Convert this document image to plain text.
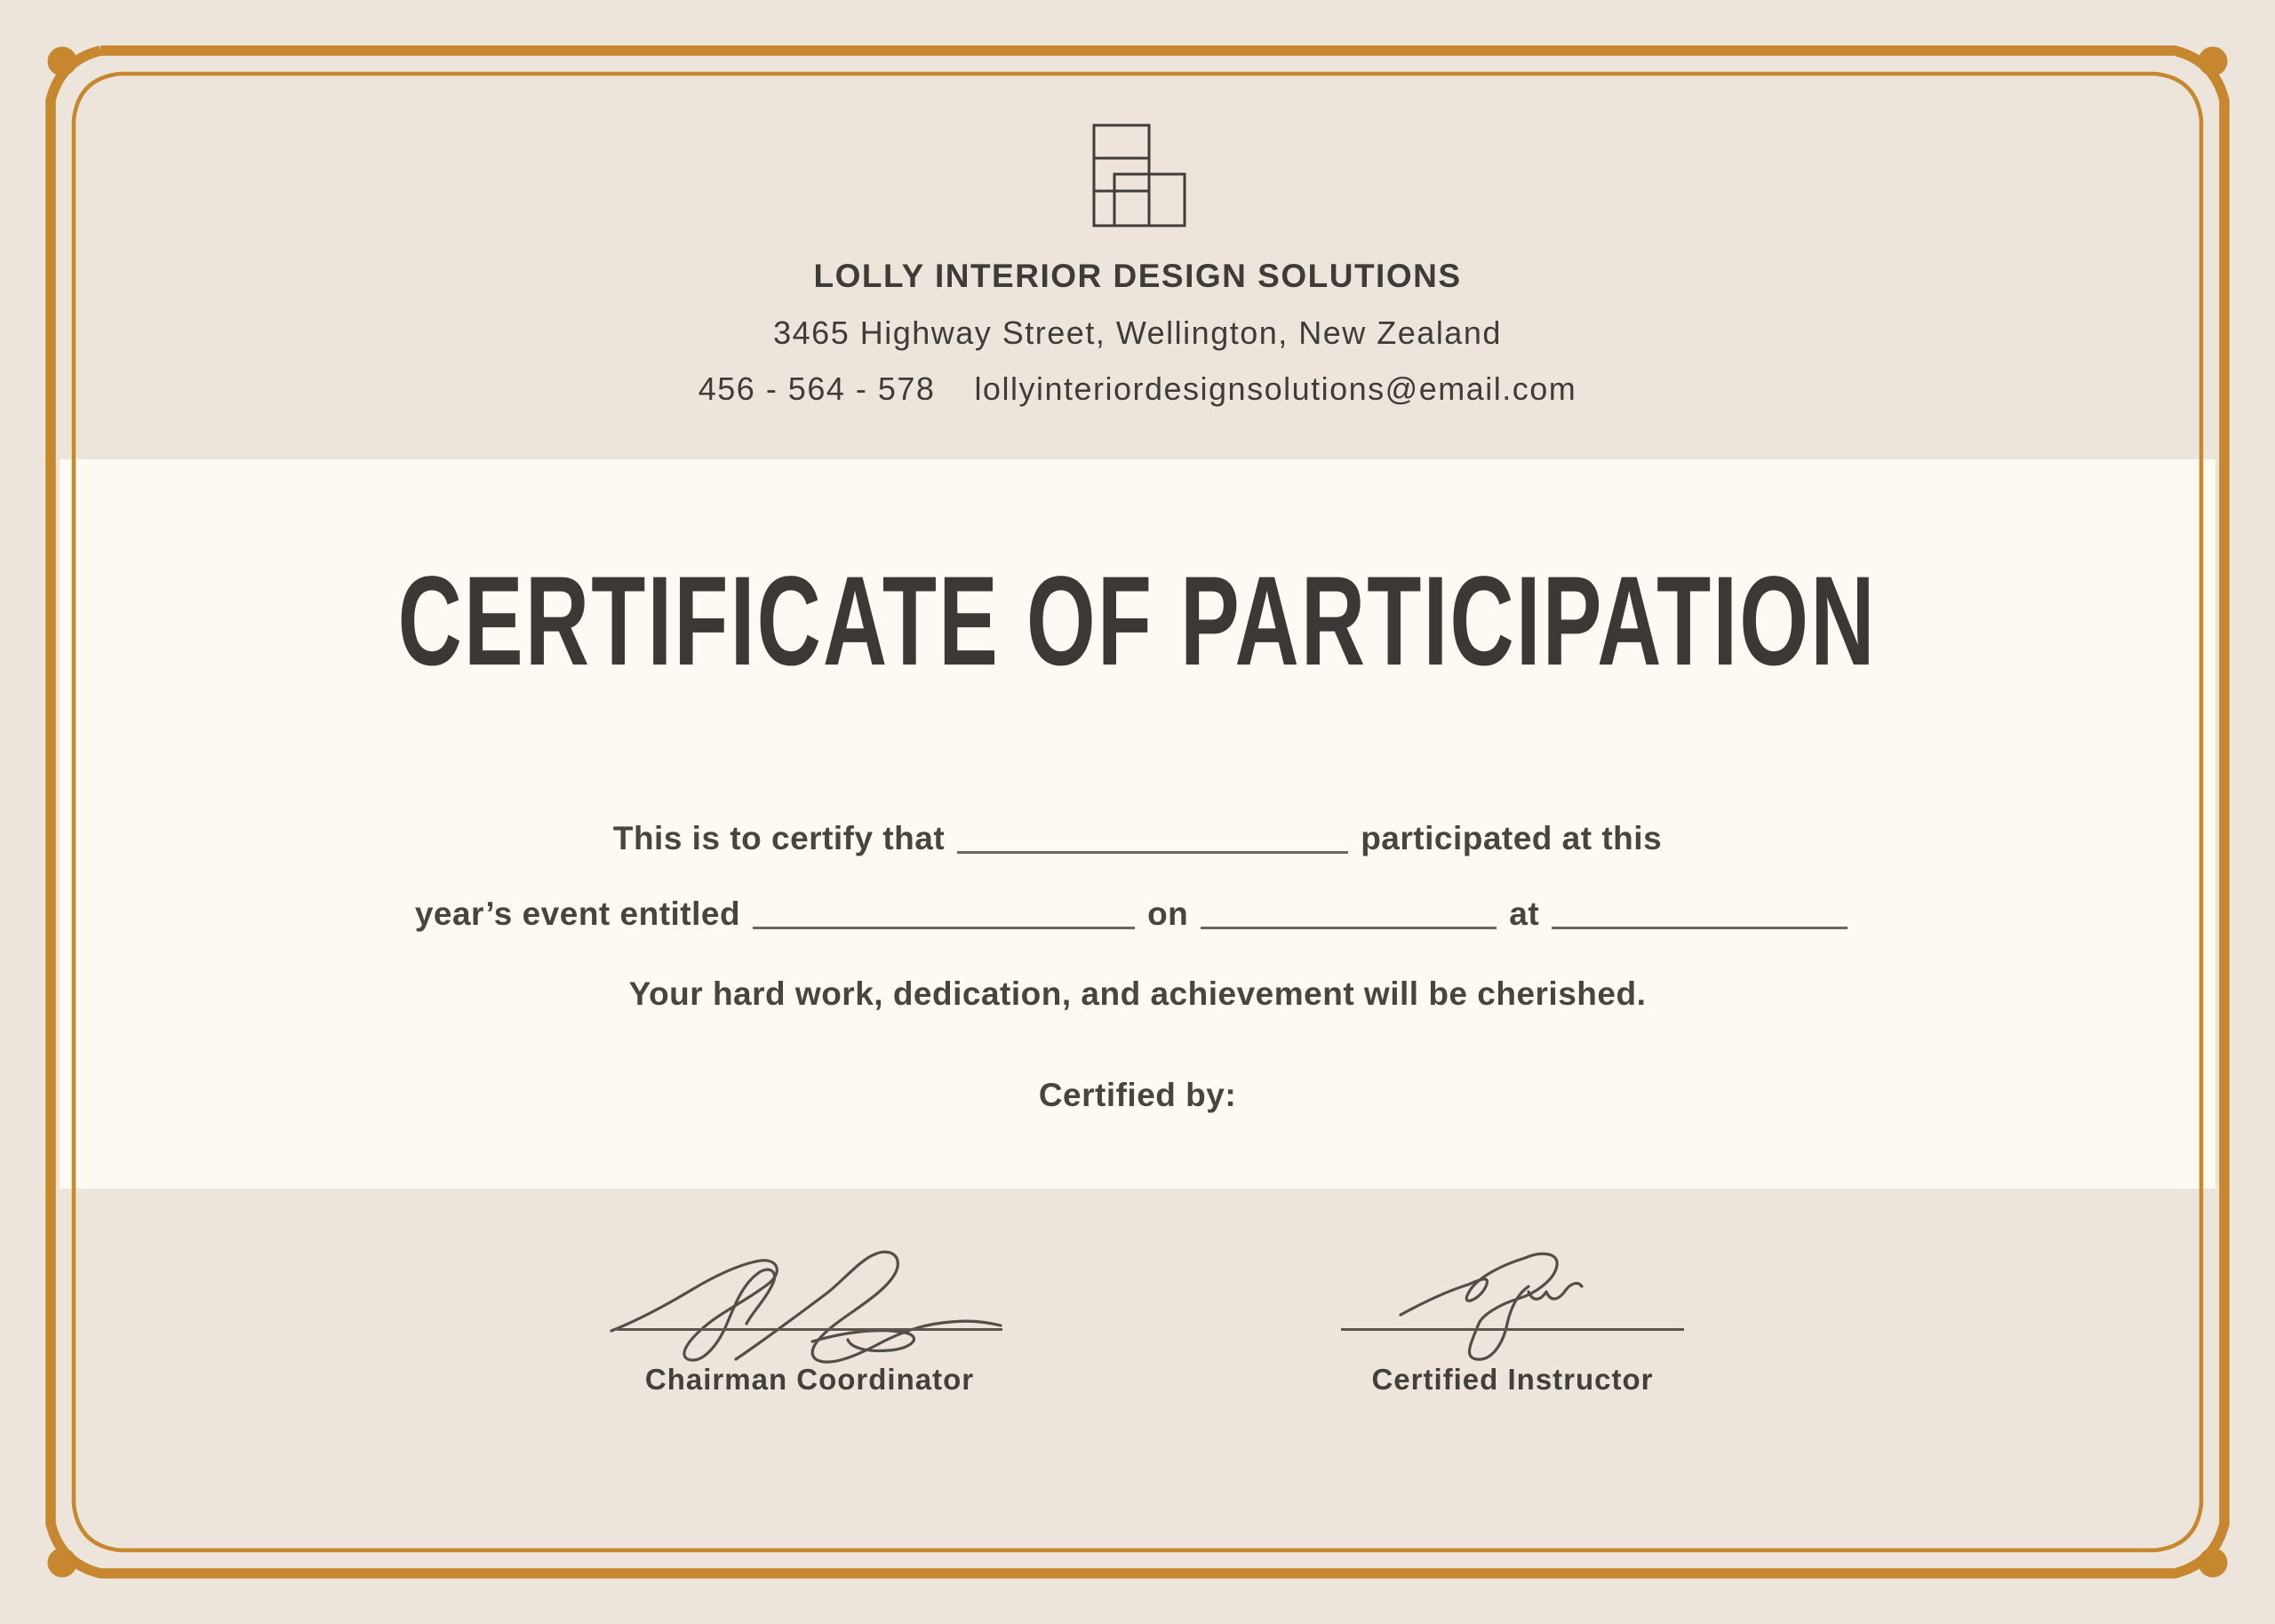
LOLLY INTERIOR DESIGN SOLUTIONS
3465 Highway Street, Wellington, New Zealand
456 - 564 - 578 lollyinteriordesignsolutions@email.com
CERTIFICATE OF PARTICIPATION
This is to certify that	participated at this
year’s event entitled	on	at
Your hard work, dedication, and achievement will be cherished.
Certified by:
Chairman Coordinator	Certified Instructor
